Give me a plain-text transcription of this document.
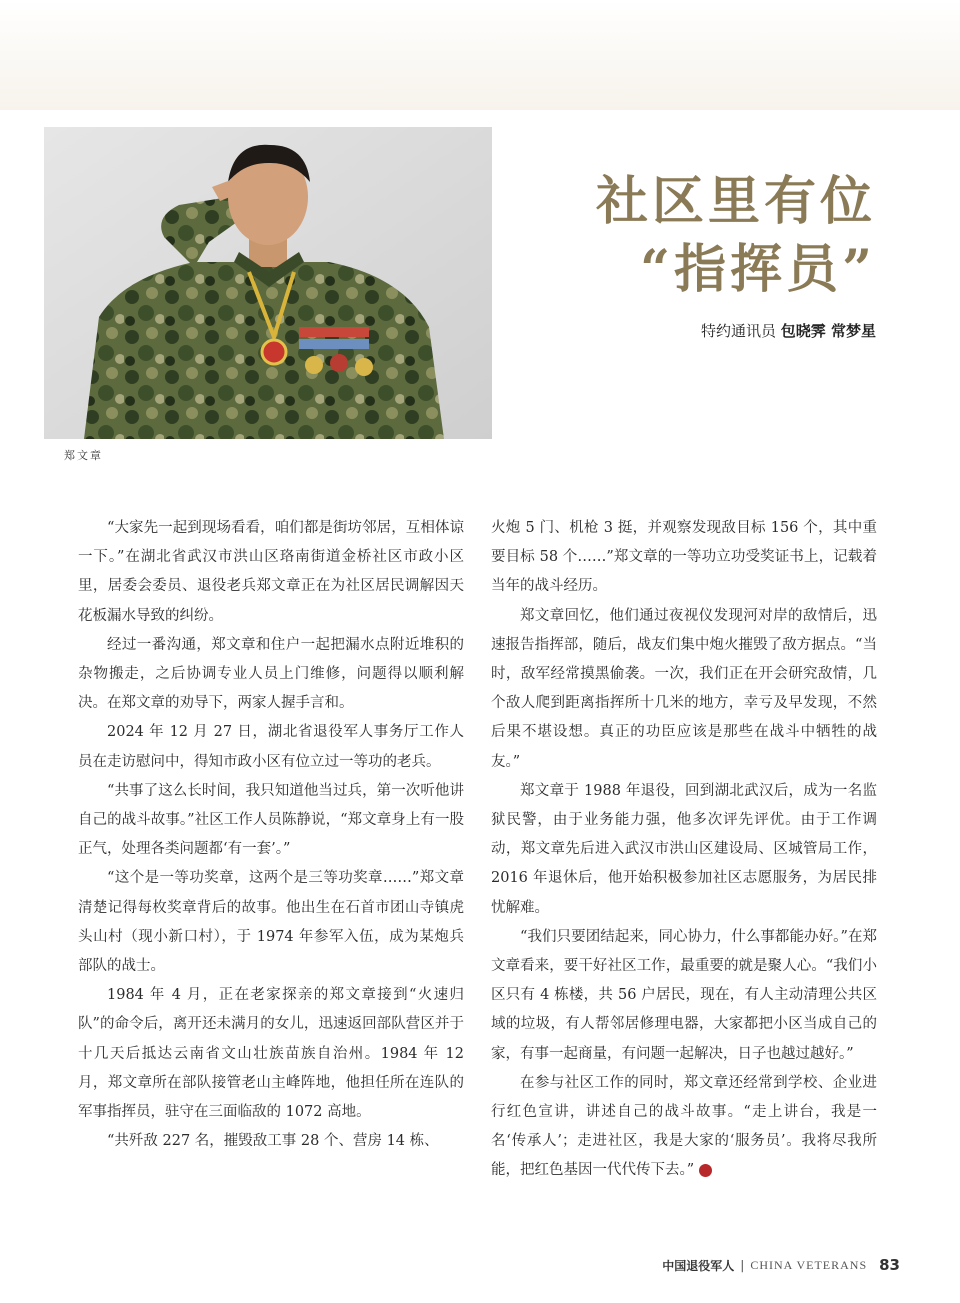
郑文章
社区里有位
“指挥员”
特约通讯员 包晓霁 常梦星

“大家先一起到现场看看，咱们都是街坊邻居，互相体谅一下。”在湖北省武汉市洪山区珞南街道金桥社区市政小区里，居委会委员、退役老兵郑文章正在为社区居民调解因天花板漏水导致的纠纷。

经过一番沟通，郑文章和住户一起把漏水点附近堆积的杂物搬走，之后协调专业人员上门维修，问题得以顺利解决。在郑文章的劝导下，两家人握手言和。

2024 年 12 月 27 日，湖北省退役军人事务厅工作人员在走访慰问中，得知市政小区有位立过一等功的老兵。

“共事了这么长时间，我只知道他当过兵，第一次听他讲自己的战斗故事。”社区工作人员陈静说，“郑文章身上有一股正气，处理各类问题都‘有一套’。”

“这个是一等功奖章，这两个是三等功奖章……”郑文章清楚记得每枚奖章背后的故事。他出生在石首市团山寺镇虎头山村（现小新口村），于 1974 年参军入伍，成为某炮兵部队的战士。

1984 年 4 月，正在老家探亲的郑文章接到“火速归队”的命令后，离开还未满月的女儿，迅速返回部队营区并于十几天后抵达云南省文山壮族苗族自治州。1984 年 12 月，郑文章所在部队接管老山主峰阵地，他担任所在连队的军事指挥员，驻守在三面临敌的 1072 高地。

“共歼敌 227 名，摧毁敌工事 28 个、营房 14 栋、

火炮 5 门、机枪 3 挺，并观察发现敌目标 156 个，其中重要目标 58 个……”郑文章的一等功立功受奖证书上，记载着当年的战斗经历。

郑文章回忆，他们通过夜视仪发现河对岸的敌情后，迅速报告指挥部，随后，战友们集中炮火摧毁了敌方据点。“当时，敌军经常摸黑偷袭。一次，我们正在开会研究敌情，几个敌人爬到距离指挥所十几米的地方，幸亏及早发现，不然后果不堪设想。真正的功臣应该是那些在战斗中牺牲的战友。”

郑文章于 1988 年退役，回到湖北武汉后，成为一名监狱民警，由于业务能力强，他多次评先评优。由于工作调动，郑文章先后进入武汉市洪山区建设局、区城管局工作，2016 年退休后，他开始积极参加社区志愿服务，为居民排忧解难。

“我们只要团结起来，同心协力，什么事都能办好。”在郑文章看来，要干好社区工作，最重要的就是聚人心。“我们小区只有 4 栋楼，共 56 户居民，现在，有人主动清理公共区域的垃圾，有人帮邻居修理电器，大家都把小区当成自己的家，有事一起商量，有问题一起解决，日子也越过越好。”

在参与社区工作的同时，郑文章还经常到学校、企业进行红色宣讲，讲述自己的战斗故事。“走上讲台，我是一名‘传承人’；走进社区，我是大家的‘服务员’。我将尽我所能，把红色基因一代代传下去。”	V

中国退役军人 | CHINA VETERANS 83
